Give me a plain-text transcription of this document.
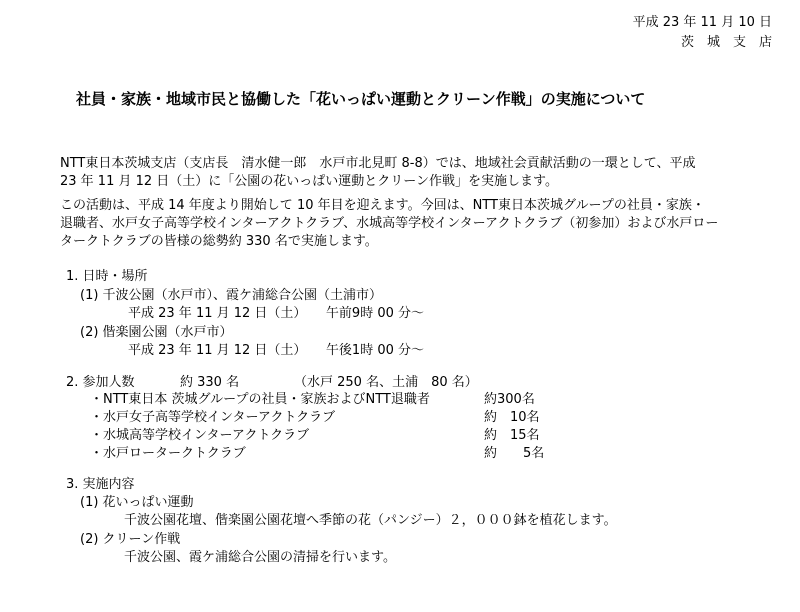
平成 23 年 11 月 10 日
茨　城　支　店
社員・家族・地域市民と協働した「花いっぱい運動とクリーン作戦」の実施について
NTT東日本茨城支店（支店長　清水健一郎　水戸市北見町 8-8）では、地域社会貢献活動の一環として、平成
23 年 11 月 12 日（土）に「公園の花いっぱい運動とクリーン作戦」を実施します。
この活動は、平成 14 年度より開始して 10 年目を迎えます。今回は、NTT東日本茨城グループの社員・家族・
退職者、水戸女子高等学校インターアクトクラブ、水城高等学校インターアクトクラブ（初参加）および水戸ロー
タークトクラブの皆様の総勢約 330 名で実施します。
1. 日時・場所
(1) 千波公園（水戸市）、霞ケ浦総合公園（土浦市）
平成 23 年 11 月 12 日（土）　　午前9時 00 分～
(2) 偕楽園公園（水戸市）
平成 23 年 11 月 12 日（土）　　午後1時 00 分～
2. 参加人数	約 330 名	（水戸 250 名、土浦　80 名）
・NTT東日本 茨城グループの社員・家族およびNTT退職者	約300名
・水戸女子高等学校インターアクトクラブ	約　10名
・水城高等学校インターアクトクラブ	約　15名
・水戸ロータークトクラブ	約　　5名
3. 実施内容
(1) 花いっぱい運動
千波公園花壇、偕楽園公園花壇へ季節の花（パンジー）２，０００鉢を植花します。
(2) クリーン作戦
千波公園、霞ケ浦総合公園の清掃を行います。
